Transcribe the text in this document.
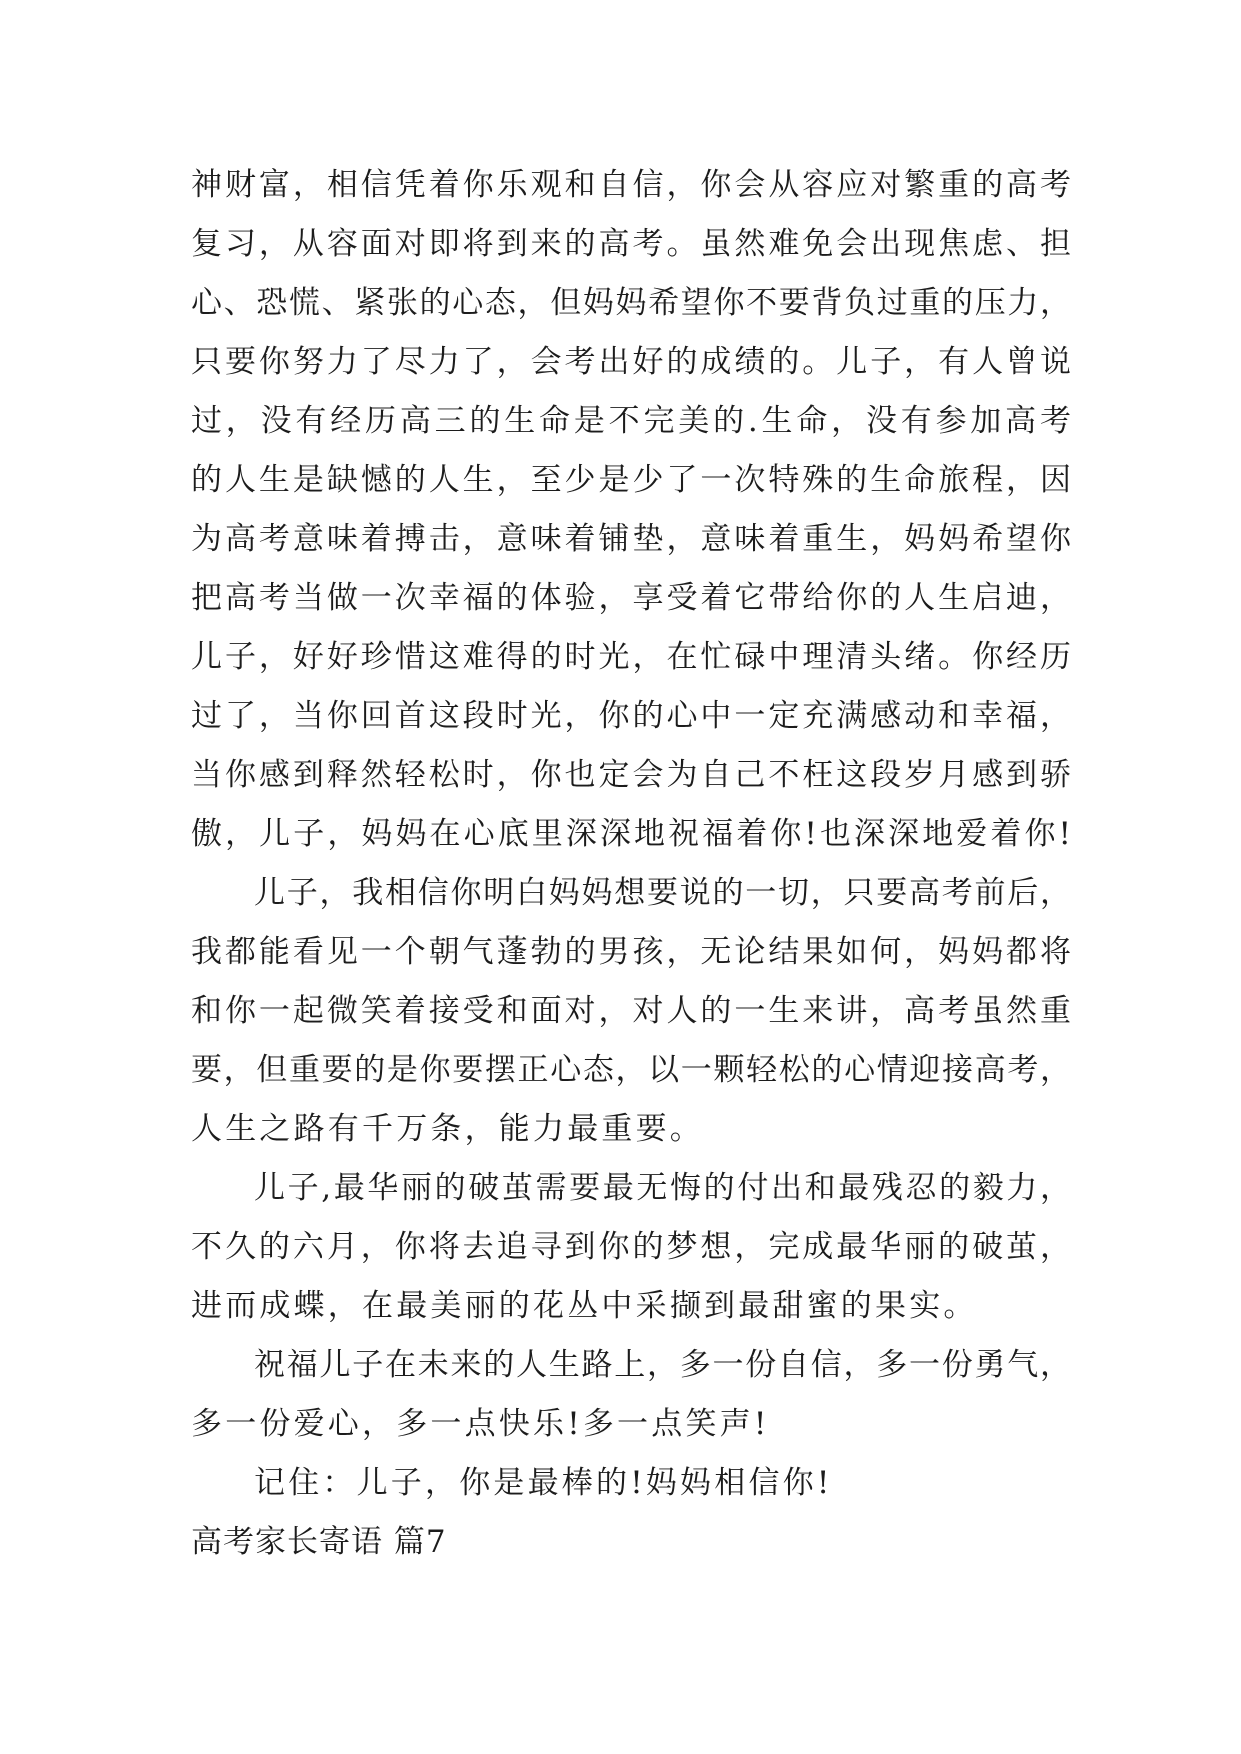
神财富，相信凭着你乐观和自信，你会从容应对繁重的高考
复习，从容面对即将到来的高考。虽然难免会出现焦虑、担
心、恐慌、紧张的心态，但妈妈希望你不要背负过重的压力，
只要你努力了尽力了，会考出好的成绩的。儿子，有人曾说
过，没有经历高三的生命是不完美的.生命，没有参加高考
的人生是缺憾的人生，至少是少了一次特殊的生命旅程，因
为高考意味着搏击，意味着铺垫，意味着重生，妈妈希望你
把高考当做一次幸福的体验，享受着它带给你的人生启迪，
儿子，好好珍惜这难得的时光，在忙碌中理清头绪。你经历
过了，当你回首这段时光，你的心中一定充满感动和幸福，
当你感到释然轻松时，你也定会为自己不枉这段岁月感到骄
傲，儿子，妈妈在心底里深深地祝福着你!也深深地爱着你!
儿子，我相信你明白妈妈想要说的一切，只要高考前后，
我都能看见一个朝气蓬勃的男孩，无论结果如何，妈妈都将
和你一起微笑着接受和面对，对人的一生来讲，高考虽然重
要，但重要的是你要摆正心态，以一颗轻松的心情迎接高考，
人生之路有千万条，能力最重要。
儿子,最华丽的破茧需要最无悔的付出和最残忍的毅力，
不久的六月，你将去追寻到你的梦想，完成最华丽的破茧，
进而成蝶，在最美丽的花丛中采撷到最甜蜜的果实。
祝福儿子在未来的人生路上，多一份自信，多一份勇气，
多一份爱心，多一点快乐!多一点笑声!
记住：儿子，你是最棒的!妈妈相信你!
高考家长寄语 篇7
